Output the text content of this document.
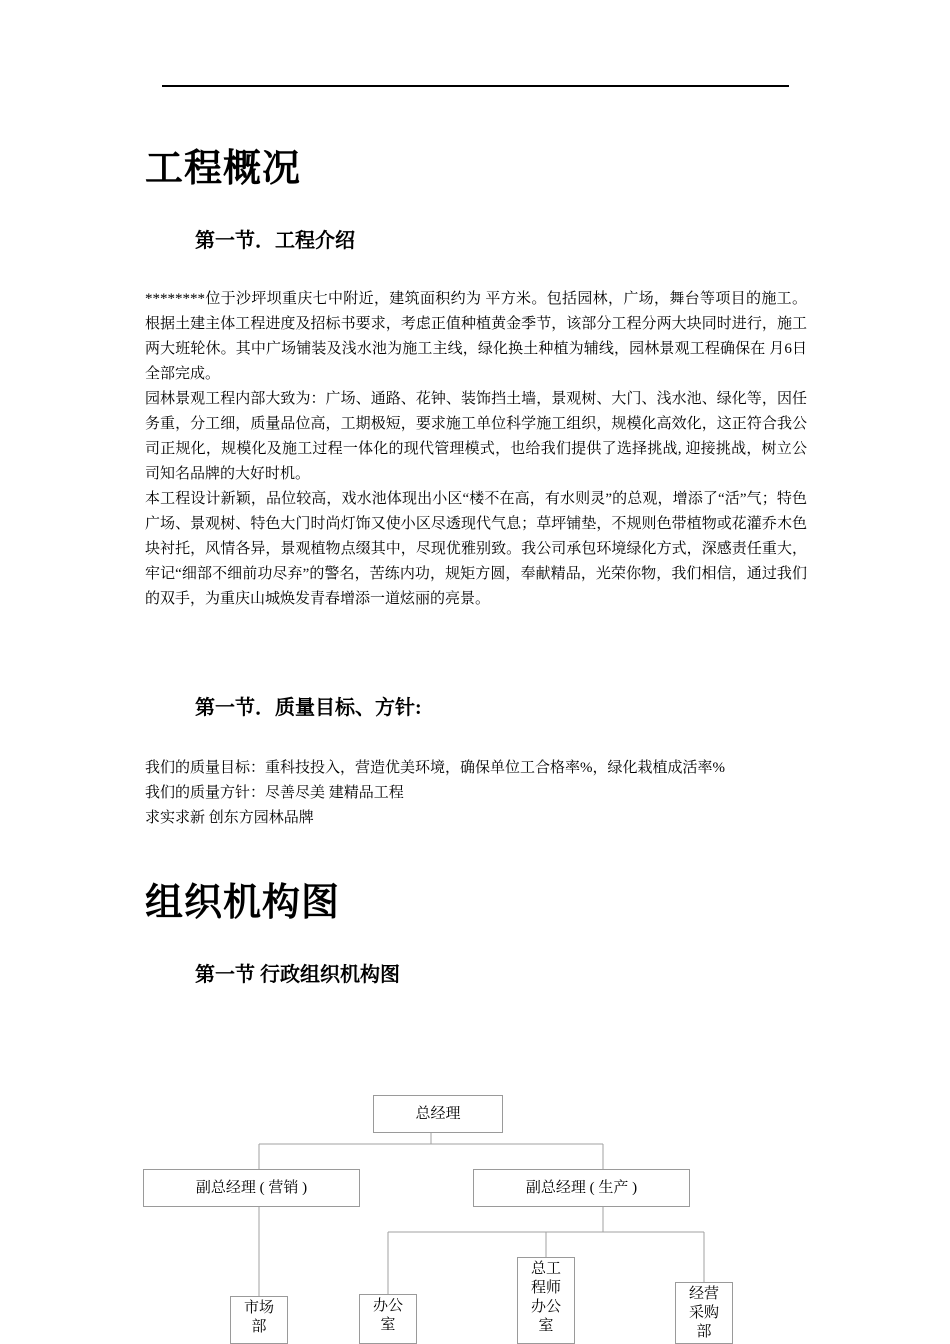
工程概况
第一节．工程介绍

********位于沙坪坝重庆七中附近，建筑面积约为 平方米。包括园林，广场，舞台等项目的施工。根据土建主体工程进度及招标书要求，考虑正值种植黄金季节，该部分工程分两大块同时进行，施工两大班轮休。其中广场铺装及浅水池为施工主线，绿化换土种植为辅线，园林景观工程确保在 月6日全部完成。

园林景观工程内部大致为：广场、通路、花钟、装饰挡土墙，景观树、大门、浅水池、绿化等，因任务重，分工细，质量品位高，工期极短，要求施工单位科学施工组织，规模化高效化，这正符合我公司正规化，规模化及施工过程一体化的现代管理模式，也给我们提供了选择挑战, 迎接挑战，树立公司知名品牌的大好时机。

本工程设计新颖，品位较高，戏水池体现出小区“楼不在高，有水则灵”的总观，增添了“活”气；特色广场、景观树、特色大门时尚灯饰又使小区尽透现代气息；草坪铺垫，不规则色带植物或花灌乔木色块衬托，风情各异，景观植物点缀其中，尽现优雅别致。我公司承包环境绿化方式，深感责任重大，牢记“细部不细前功尽弃”的警名，苦练内功，规矩方圆，奉献精品，光荣你物，我们相信，通过我们的双手，为重庆山城焕发青春增添一道炫丽的亮景。

第一节．质量目标、方针:
我们的质量目标：重科技投入，营造优美环境，确保单位工合格率%，绿化栽植成活率%
我们的质量方针：尽善尽美 建精品工程
求实求新 创东方园林品牌
组织机构图
第一节 行政组织机构图
总经理
副总经理 ( 营销 )	副总经理 ( 生产 )
市场部
办公室
总工程师办公室
经营采购部
